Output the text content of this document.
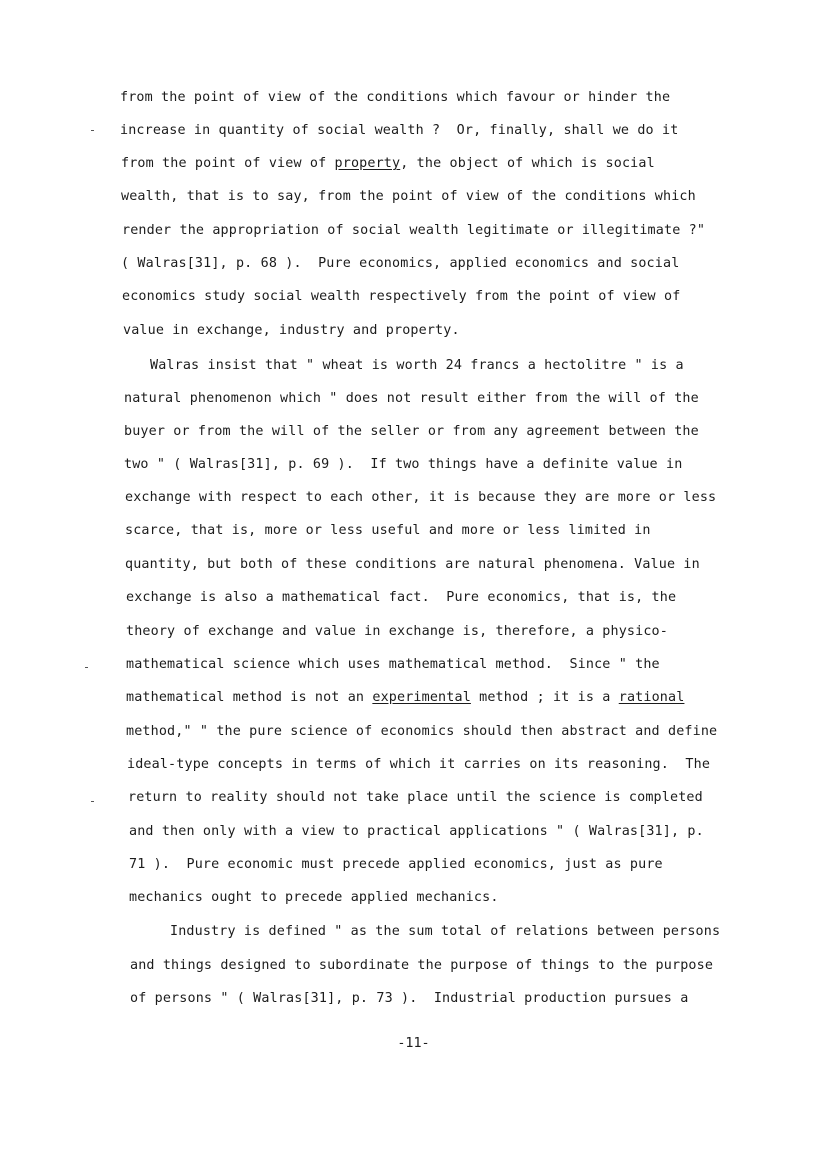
-11-
from the point of view of the conditions which favour or hinder the
increase in quantity of social wealth ?  Or, finally, shall we do it
from the point of view of property, the object of which is social
wealth, that is to say, from the point of view of the conditions which
render the appropriation of social wealth legitimate or illegitimate ?"
( Walras[31], p. 68 ).  Pure economics, applied economics and social
economics study social wealth respectively from the point of view of
value in exchange, industry and property.
Walras insist that " wheat is worth 24 francs a hectolitre " is a
natural phenomenon which " does not result either from the will of the
buyer or from the will of the seller or from any agreement between the
two " ( Walras[31], p. 69 ).  If two things have a definite value in
exchange with respect to each other, it is because they are more or less
scarce, that is, more or less useful and more or less limited in
quantity, but both of these conditions are natural phenomena. Value in
exchange is also a mathematical fact.  Pure economics, that is, the
theory of exchange and value in exchange is, therefore, a physico-
mathematical science which uses mathematical method.  Since " the
mathematical method is not an experimental method ; it is a rational
method," " the pure science of economics should then abstract and define
ideal-type concepts in terms of which it carries on its reasoning.  The
return to reality should not take place until the science is completed
and then only with a view to practical applications " ( Walras[31], p.
71 ).  Pure economic must precede applied economics, just as pure
mechanics ought to precede applied mechanics.
Industry is defined " as the sum total of relations between persons
and things designed to subordinate the purpose of things to the purpose
of persons " ( Walras[31], p. 73 ).  Industrial production pursues a
